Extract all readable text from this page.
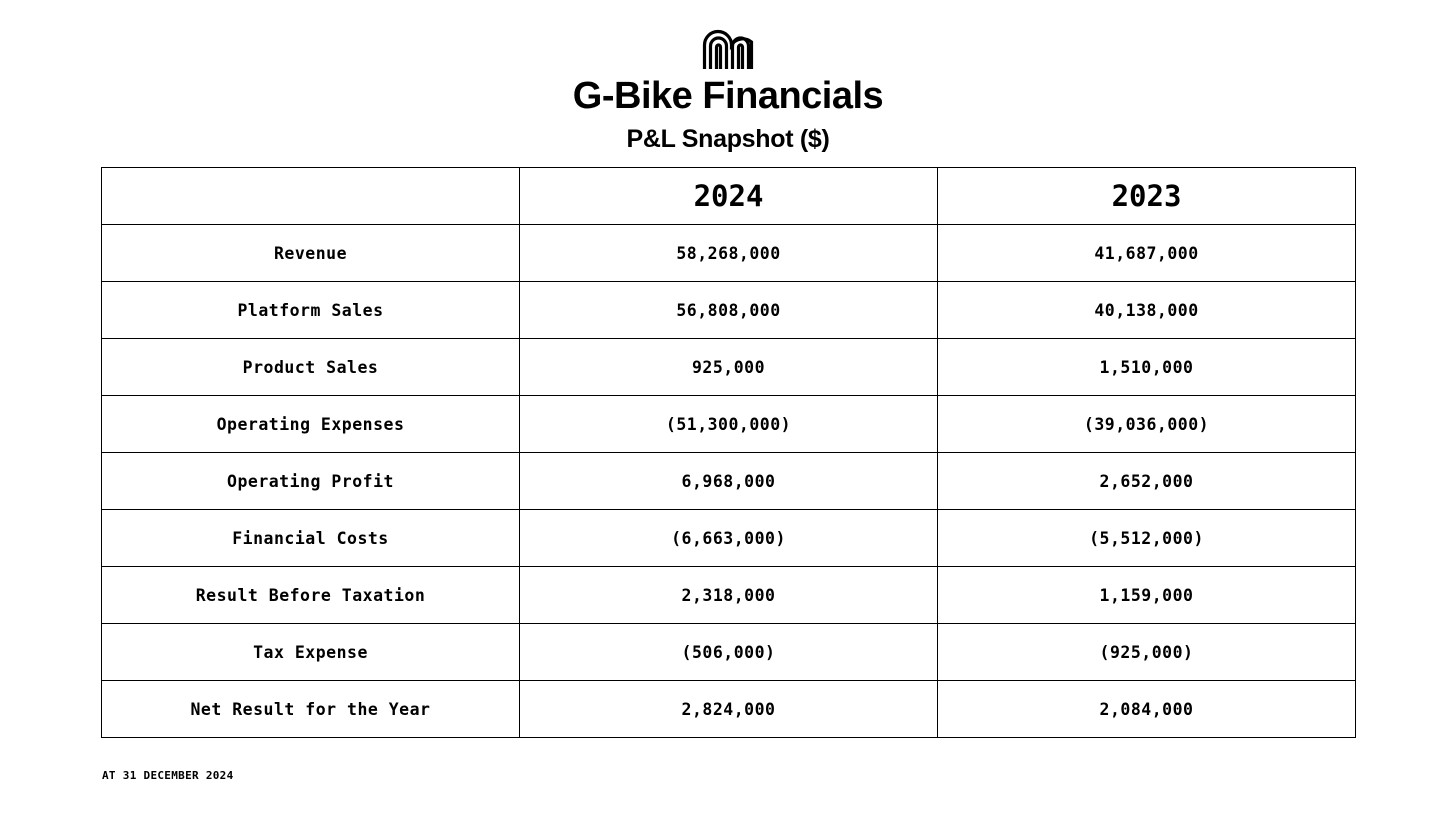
G-Bike Financials
P&L Snapshot ($)
	2024	2023
Revenue	58,268,000	41,687,000
Platform Sales	56,808,000	40,138,000
Product Sales	925,000	1,510,000
Operating Expenses	(51,300,000)	(39,036,000)
Operating Profit	6,968,000	2,652,000
Financial Costs	(6,663,000)	(5,512,000)
Result Before Taxation	2,318,000	1,159,000
Tax Expense	(506,000)	(925,000)
Net Result for the Year	2,824,000	2,084,000
AT 31 DECEMBER 2024
